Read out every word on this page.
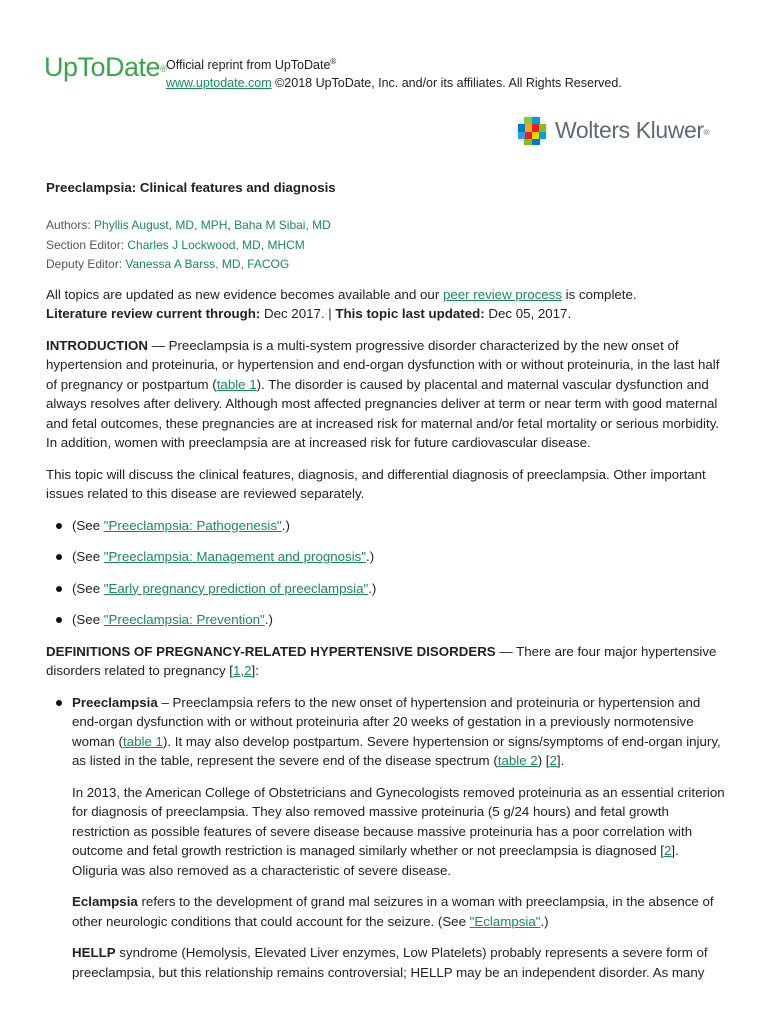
UpToDate® Official reprint from UpToDate®
www.uptodate.com ©2018 UpToDate, Inc. and/or its affiliates. All Rights Reserved.
Wolters Kluwer ®
Preeclampsia: Clinical features and diagnosis
Authors: Phyllis August, MD, MPH, Baha M Sibai, MD
Section Editor: Charles J Lockwood, MD, MHCM
Deputy Editor: Vanessa A Barss, MD, FACOG

All topics are updated as new evidence becomes available and our peer review process is complete.
Literature review current through: Dec 2017. | This topic last updated: Dec 05, 2017.

INTRODUCTION — Preeclampsia is a multi-system progressive disorder characterized by the new onset of hypertension and proteinuria, or hypertension and end-organ dysfunction with or without proteinuria, in the last half of pregnancy or postpartum (table 1). The disorder is caused by placental and maternal vascular dysfunction and always resolves after delivery. Although most affected pregnancies deliver at term or near term with good maternal and fetal outcomes, these pregnancies are at increased risk for maternal and/or fetal mortality or serious morbidity. In addition, women with preeclampsia are at increased risk for future cardiovascular disease.

This topic will discuss the clinical features, diagnosis, and differential diagnosis of preeclampsia. Other important issues related to this disease are reviewed separately.

(See "Preeclampsia: Pathogenesis".)
(See "Preeclampsia: Management and prognosis".)
(See "Early pregnancy prediction of preeclampsia".)
(See "Preeclampsia: Prevention".)

DEFINITIONS OF PREGNANCY-RELATED HYPERTENSIVE DISORDERS — There are four major hypertensive disorders related to pregnancy [1,2]:

Preeclampsia – Preeclampsia refers to the new onset of hypertension and proteinuria or hypertension and end-organ dysfunction with or without proteinuria after 20 weeks of gestation in a previously normotensive woman (table 1). It may also develop postpartum. Severe hypertension or signs/symptoms of end-organ injury, as listed in the table, represent the severe end of the disease spectrum (table 2) [2].

In 2013, the American College of Obstetricians and Gynecologists removed proteinuria as an essential criterion for diagnosis of preeclampsia. They also removed massive proteinuria (5 g/24 hours) and fetal growth restriction as possible features of severe disease because massive proteinuria has a poor correlation with outcome and fetal growth restriction is managed similarly whether or not preeclampsia is diagnosed [2]. Oliguria was also removed as a characteristic of severe disease.

Eclampsia refers to the development of grand mal seizures in a woman with preeclampsia, in the absence of other neurologic conditions that could account for the seizure. (See "Eclampsia".)

HELLP syndrome (Hemolysis, Elevated Liver enzymes, Low Platelets) probably represents a severe form of preeclampsia, but this relationship remains controversial; HELLP may be an independent disorder. As many
